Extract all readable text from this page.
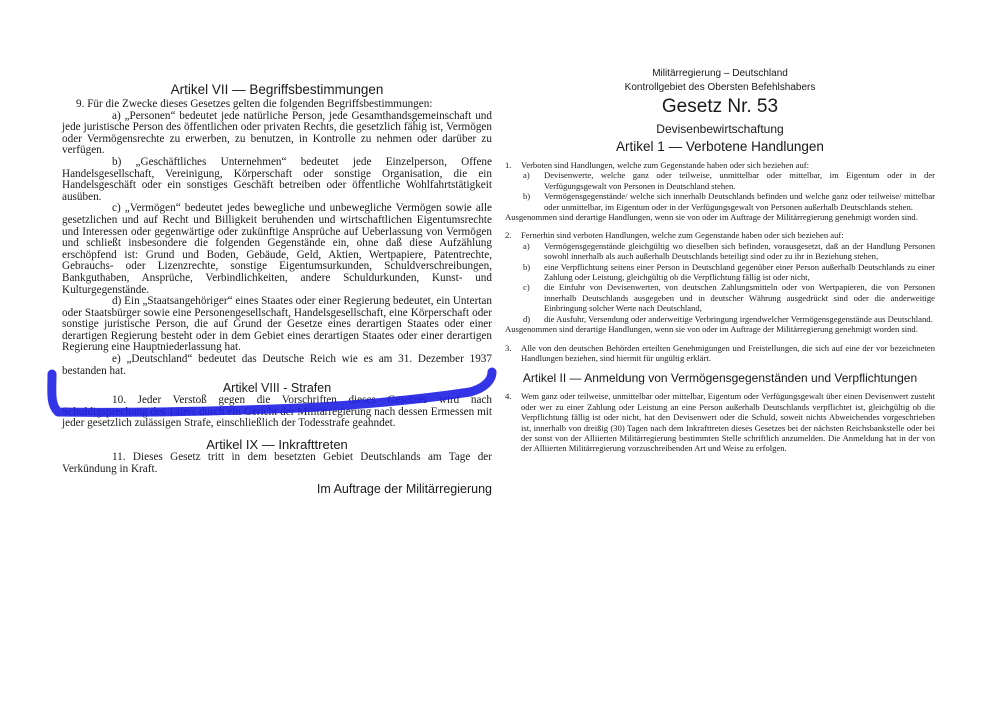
Artikel VII — Begriffsbestimmungen

9. Für die Zwecke dieses Gesetzes gelten die folgenden Begriffsbestimmungen:

a) „Personen“ bedeutet jede natürliche Person, jede Gesamthandsgemeinschaft und jede juristische Person des öffentlichen oder privaten Rechts, die gesetzlich fähig ist, Vermögen oder Vermögensrechte zu erwerben, zu benutzen, in Kontrolle zu nehmen oder darüber zu verfügen.

b) „Geschäftliches Unternehmen“ bedeutet jede Einzelperson, Offene Handelsgesellschaft, Vereinigung, Körperschaft oder sonstige Organisation, die ein Handelsgeschäft oder ein sonstiges Geschäft betreiben oder öffentliche Wohlfahrtstätigkeit ausüben.

c) „Vermögen“ bedeutet jedes bewegliche und unbewegliche Vermögen sowie alle gesetzlichen und auf Recht und Billigkeit beruhenden und wirtschaftlichen Eigentumsrechte und Interessen oder gegenwärtige oder zukünftige Ansprüche auf Ueberlassung von Vermögen und schließt insbesondere die folgenden Gegenstände ein, ohne daß diese Aufzählung erschöpfend ist: Grund und Boden, Gebäude, Geld, Aktien, Wertpapiere, Patentrechte, Gebrauchs- oder Lizenzrechte, sonstige Eigentumsurkunden, Schuldverschreibungen, Bankguthaben, Ansprüche, Verbindlichkeiten, andere Schuldurkunden, Kunst- und Kulturgegenstände.

d) Ein „Staatsangehöriger“ eines Staates oder einer Regierung bedeutet, ein Untertan oder Staatsbürger sowie eine Personengesellschaft, Handelsgesellschaft, eine Körperschaft oder sonstige juristische Person, die auf Grund der Gesetze eines derartigen Staates oder einer derartigen Regierung besteht oder in dem Gebiet eines derartigen Staates oder einer derartigen Regierung eine Hauptniederlassung hat.

e) „Deutschland“ bedeutet das Deutsche Reich wie es am 31. Dezember 1937 bestanden hat.

Artikel VIII - Strafen

10. Jeder Verstoß gegen die Vorschriften dieses Gesetzes wird nach Schuldigsprechung des Täters durch ein Gericht der Militärregierung nach dessen Ermessen mit jeder gesetzlich zulässigen Strafe, einschließlich der Todesstrafe geahndet.

Artikel IX — Inkrafttreten

11. Dieses Gesetz tritt in dem besetzten Gebiet Deutschlands am Tage der Verkündung in Kraft.

Im Auftrage der Militärregierung
Militärregierung – Deutschland
Kontrollgebiet des Obersten Befehlshabers
Gesetz Nr. 53
Devisenbewirtschaftung
Artikel 1 — Verbotene Handlungen
1.	Verboten sind Handlungen, welche zum Gegenstande haben oder sich beziehen auf:
a)	Devisenwerte, welche ganz oder teilweise, unmittelbar oder mittelbar, im Eigentum oder in der Verfügungsgewalt von Personen in Deutschland stehen.
b)	Vermögensgegenstände/ welche sich innerhalb Deutschlands befinden und welche ganz oder teilweise/ mittelbar oder unmittelbar, im Eigentum oder in der Verfügungsgewalt von Personen außerhalb Deutschlands stehen.

Ausgenommen sind derartige Handlungen, wenn sie von oder im Auftrage der Militärregierung genehmigt worden sind.

2.	Fernerhin sind verboten Handlungen, welche zum Gegenstande haben oder sich beziehen auf:
a)	Vermögensgegenstände gleichgültig wo dieselben sich befinden, vorausgesetzt, daß an der Handlung Personen sowohl innerhalb als auch außerhalb Deutschlands beteiligt sind oder zu ihr in Beziehung stehen,
b)	eine Verpflichtung seitens einer Person in Deutschland gegenüber einer Person außerhalb Deutschlands zu einer Zahlung oder Leistung, gleichgültig ob die Verpflichtung fällig ist oder nicht,
c)	die Einfuhr von Devisenwerten, von deutschen Zahlungsmitteln oder von Wertpapieren, die von Personen innerhalb Deutschlands ausgegeben und in deutscher Währung ausgedrückt sind oder die anderweitige Einbringung solcher Werte nach Deutschland,
d)	die Ausfuhr, Versendung oder anderweitige Verbringung irgendwelcher Vermögensgegenstände aus Deutschland.

Ausgenommen sind derartige Handlungen, wenn sie von oder im Auftrage der Militärregierung genehmigt worden sind.

3.	Alle von den deutschen Behörden erteilten Genehmigungen und Freistellungen, die sich auf eine der vor bezeichneten Handlungen beziehen, sind hiermit für ungültig erklärt.
Artikel II — Anmeldung von Vermögensgegenständen und Verpflichtungen
4.	Wem ganz oder teilweise, unmittelbar oder mittelbar, Eigentum oder Verfügungsgewalt über einen Devisenwert zusteht oder wer zu einer Zahlung oder Leistung an eine Person außerhalb Deutschlands verpflichtet ist, gleichgültig ob die Verpflichtung fällig ist oder nicht, hat den Devisenwert oder die Schuld, soweit nichts Abweichendes vorgeschrieben ist, innerhalb von dreißig (30) Tagen nach dem Inkrafttreten dieses Gesetzes bei der nächsten Reichsbankstelle oder bei der sonst von der Alliierten Militärregierung bestimmten Stelle schriftlich anzumelden. Die Anmeldung hat in der von der Alliierten Militärregierung vorzuschreibenden Art und Weise zu erfolgen.
